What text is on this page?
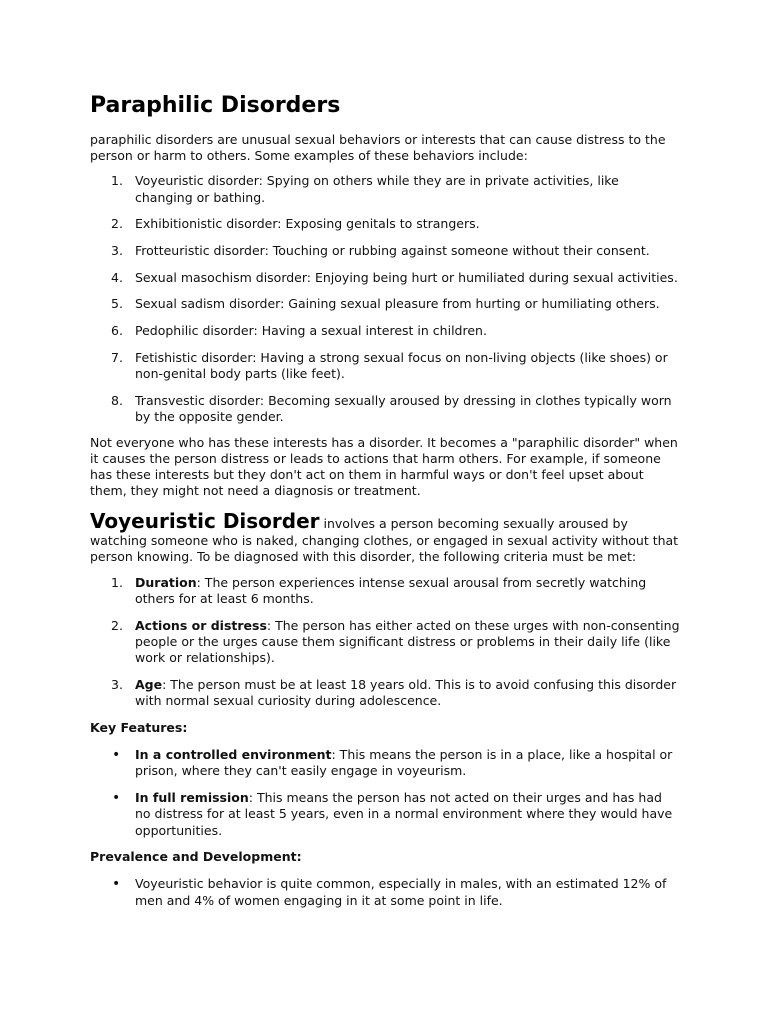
Paraphilic Disorders

paraphilic disorders are unusual sexual behaviors or interests that can cause distress to the person or harm to others. Some examples of these behaviors include:

1. Voyeuristic disorder: Spying on others while they are in private activities, like changing or bathing.
2. Exhibitionistic disorder: Exposing genitals to strangers.
3. Frotteuristic disorder: Touching or rubbing against someone without their consent.
4. Sexual masochism disorder: Enjoying being hurt or humiliated during sexual activities.
5. Sexual sadism disorder: Gaining sexual pleasure from hurting or humiliating others.
6. Pedophilic disorder: Having a sexual interest in children.
7. Fetishistic disorder: Having a strong sexual focus on non-living objects (like shoes) or non-genital body parts (like feet).
8. Transvestic disorder: Becoming sexually aroused by dressing in clothes typically worn by the opposite gender.

Not everyone who has these interests has a disorder. It becomes a "paraphilic disorder" when it causes the person distress or leads to actions that harm others. For example, if someone has these interests but they don't act on them in harmful ways or don't feel upset about them, they might not need a diagnosis or treatment.

Voyeuristic Disorder involves a person becoming sexually aroused by watching someone who is naked, changing clothes, or engaged in sexual activity without that person knowing. To be diagnosed with this disorder, the following criteria must be met:

1. Duration: The person experiences intense sexual arousal from secretly watching others for at least 6 months.
2. Actions or distress: The person has either acted on these urges with non-consenting people or the urges cause them significant distress or problems in their daily life (like work or relationships).
3. Age: The person must be at least 18 years old. This is to avoid confusing this disorder with normal sexual curiosity during adolescence.

Key Features:

• In a controlled environment: This means the person is in a place, like a hospital or prison, where they can't easily engage in voyeurism.
• In full remission: This means the person has not acted on their urges and has had no distress for at least 5 years, even in a normal environment where they would have opportunities.

Prevalence and Development:

• Voyeuristic behavior is quite common, especially in males, with an estimated 12% of men and 4% of women engaging in it at some point in life.
